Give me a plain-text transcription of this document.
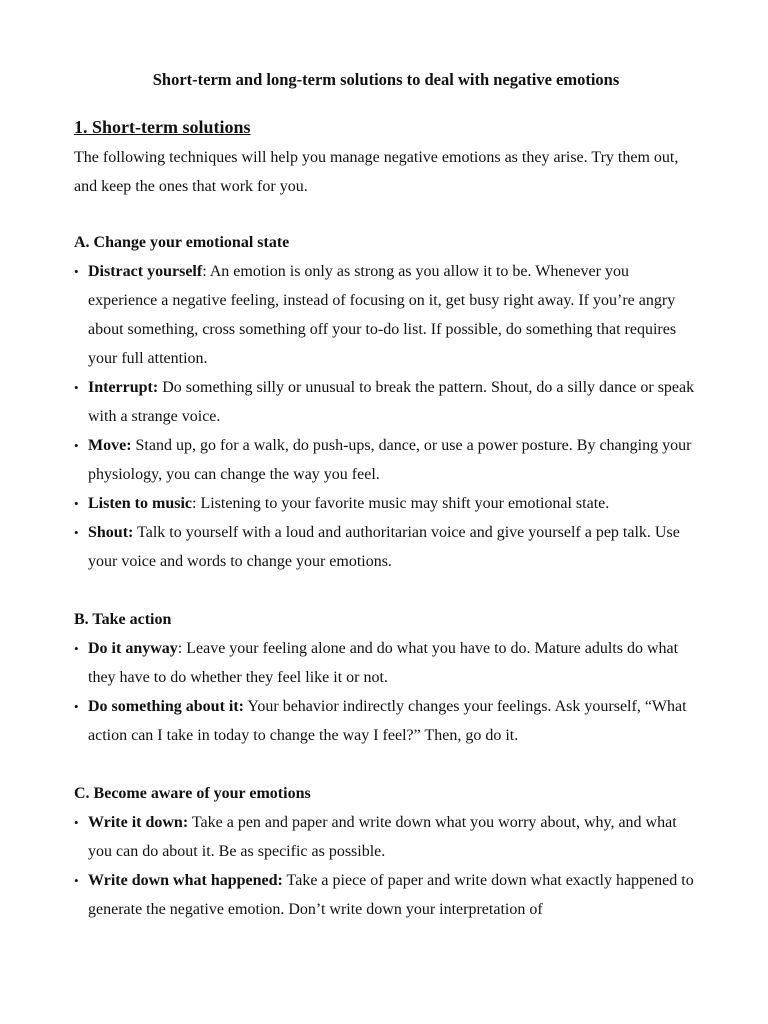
Short-term and long-term solutions to deal with negative emotions
1. Short-term solutions

The following techniques will help you manage negative emotions as they arise. Try them out, and keep the ones that work for you.

A. Change your emotional state
• Distract yourself: An emotion is only as strong as you allow it to be. Whenever you experience a negative feeling, instead of focusing on it, get busy right away. If you’re angry about something, cross something off your to-do list. If possible, do something that requires your full attention.
• Interrupt: Do something silly or unusual to break the pattern. Shout, do a silly dance or speak with a strange voice.
• Move: Stand up, go for a walk, do push-ups, dance, or use a power posture. By changing your physiology, you can change the way you feel.
• Listen to music: Listening to your favorite music may shift your emotional state.
• Shout: Talk to yourself with a loud and authoritarian voice and give yourself a pep talk. Use your voice and words to change your emotions.
B. Take action
• Do it anyway: Leave your feeling alone and do what you have to do. Mature adults do what they have to do whether they feel like it or not.
• Do something about it: Your behavior indirectly changes your feelings. Ask yourself, “What action can I take in today to change the way I feel?” Then, go do it.
C. Become aware of your emotions
• Write it down: Take a pen and paper and write down what you worry about, why, and what you can do about it. Be as specific as possible.
• Write down what happened: Take a piece of paper and write down what exactly happened to generate the negative emotion. Don’t write down your interpretation of
